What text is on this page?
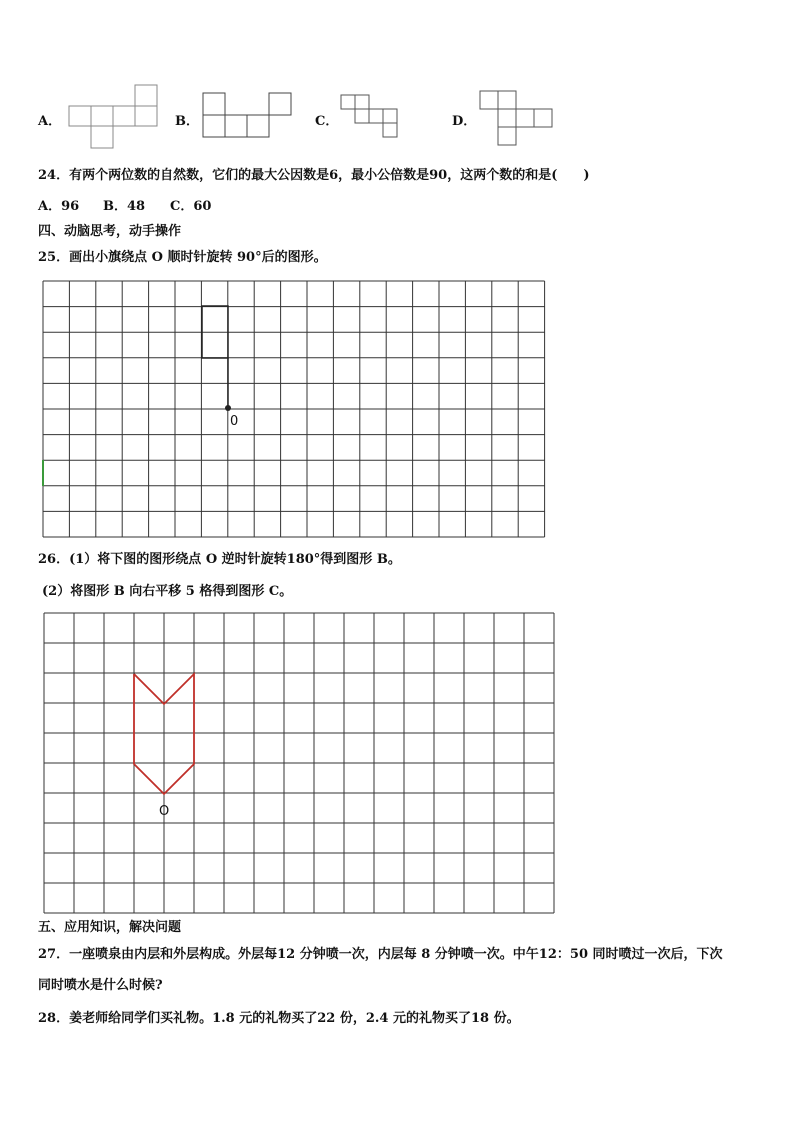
A．	B．	C．	D．
24．有两个两位数的自然数，它们的最大公因数是6，最小公倍数是90，这两个数的和是(　　)
A．96 B．48 C．60
四、动脑思考，动手操作
25．画出小旗绕点 O 顺时针旋转 90°后的图形。
0
26．(1）将下图的图形绕点 O 逆时针旋转180°得到图形 B。
(2）将图形 B 向右平移 5 格得到图形 C。
O
五、应用知识，解决问题
27．一座喷泉由内层和外层构成。外层每12 分钟喷一次，内层每 8 分钟喷一次。中午12：50 同时喷过一次后，下次
同时喷水是什么时候?
28．姜老师给同学们买礼物。1.8 元的礼物买了22 份，2.4 元的礼物买了18 份。
